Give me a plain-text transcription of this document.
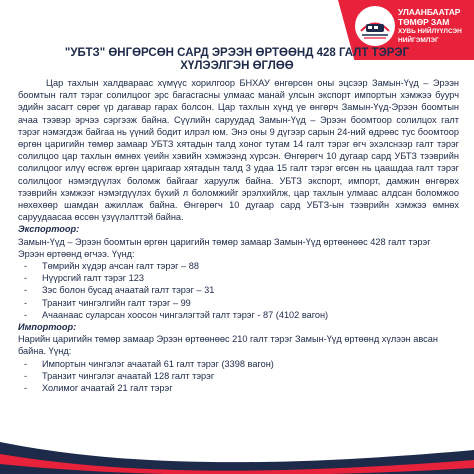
УЛААНБААТАР
ТӨМӨР ЗАМ
ХУВЬ НИЙЛҮҮЛСЭН
НИЙГЭМЛЭГ
"УБТЗ" ӨНГӨРСӨН САРД ЭРЭЭН ӨРТӨӨНД 428 ГАЛТ ТЭРЭГ
ХҮЛЭЭЛГЭН ӨГЛӨӨ
Цар тахлын халдвараас хүмүүс хорилгоор БНХАУ өнгөрсөн оны эцсээр Замын-Үүд – Эрээн боомтын галт тэрэг солилцоог эрс багасгасны улмаас манай улсын экспорт импортын хэмжээ буурч эдийн засагт сөрөг үр дагавар гарах болсон. Цар тахлын хүнд үе өнгөрч Замын-Үүд-Эрээн боомтын ачаа тээвэр эрчээ сэргээж байна. Сүүлийн саруудад Замын-Үүд – Эрээн боомтоор солилцох галт тэрэг нэмэгдэж байгаа нь үүний бодит илрэл юм. Энэ оны 9 дүгээр сарын 24-ний өдрөөс тус боомтоор өргөн царигийн төмөр замаар УБТЗ хятадын талд хоног тутам 14 галт тэрэг өгч эхэлснээр галт тэрэг солилцоо цар тахлын өмнөх үеийн хэвийн хэмжээнд хүрсэн. Өнгөрөгч 10 дугаар сард УБТЗ тээврийн солилцоог илүү өсгөж өргөн царигаар хятадын талд 3 удаа 15 галт тэрэг өгсөн нь цаашдаа галт тэрэг солилцоог нэмэгдүүлэх боломж байгааг харуулж байна. УБТЗ экспорт, импорт, дамжин өнгөрөх тээврийн хэмжээг нэмэгдүүлэх бүхий л боломжийг эрэлхийлж, цар тахлын улмаас алдсан боломжоо нөхөхөөр шамдан ажиллаж байна. Өнгөрөгч 10 дугаар сард УБТЗ-ын тээврийн хэмжээ өмнөх саруудаасаа өссөн үзүүлэлттэй байна.
Экспортоор:
Замын-Үүд – Эрээн боомтын өргөн царигийн төмөр замаар Замын-Үүд өртөөнөөс 428 галт тэрэг Эрээн өртөөнд өгчээ. Үүнд:
- Төмрийн хүдэр ачсан галт тэрэг – 88
- Нүүрсгий галт тэрэг 123
- Зэс болон бусад ачаатай галт тэрэг – 31
- Транзит чингэлгийн галт тэрэг – 99
- Ачаанаас суларсан хоосон чингэлэгтэй галт тэрэг - 87 (4102 вагон)
Импортоор:
Нарийн царигийн төмөр замаар Эрээн өртөөнөөс 210 галт тэрэг Замын-Үүд өртөөнд хүлээн авсан байна. Үүнд:
- Импортын чингэлэг ачаатай 61 галт тэрэг (3398 вагон)
- Транзит чингэлэг ачаатай 128 галт тэрэг
- Холимог ачаатай 21 галт тэрэг
